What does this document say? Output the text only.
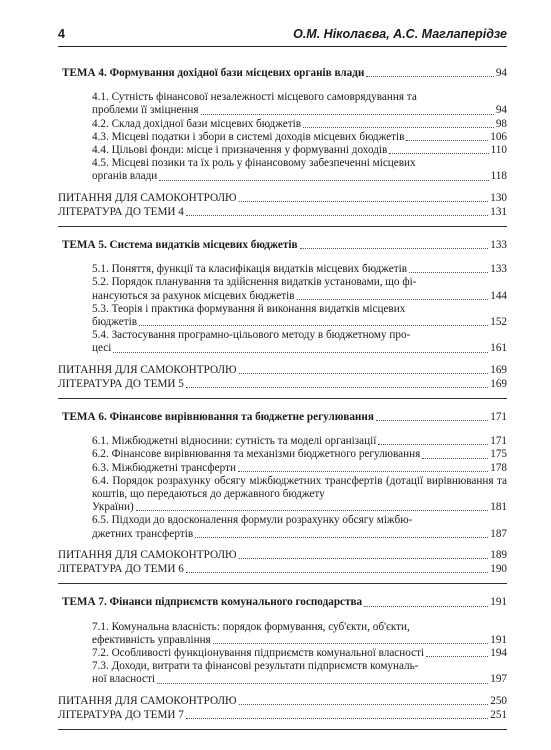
4	О.М. Ніколаєва, А.С. Маглаперідзе
ТЕМА 4. Формування дохідної бази місцевих органів влади	94
4.1. Сутність фінансової незалежності місцевого самоврядування та
проблеми її зміцнення	94
4.2. Склад дохідної бази місцевих бюджетів	98
4.3. Місцеві податки і збори в системі доходів місцевих бюджетів	106
4.4. Цільові фонди: місце і призначення у формуванні доходів	110
4.5. Місцеві позики та їх роль у фінансовому забезпеченні місцевих
органів влади	118
ПИТАННЯ ДЛЯ САМОКОНТРОЛЮ	130
ЛІТЕРАТУРА ДО ТЕМИ 4	131
ТЕМА 5. Система видатків місцевих бюджетів	133
5.1. Поняття, функції та класифікація видатків місцевих бюджетів	133
5.2. Порядок планування та здійснення видатків установами, що фі-
нансуються за рахунок місцевих бюджетів	144
5.3. Теорія і практика формування й виконання видатків місцевих
бюджетів	152
5.4. Застосування програмно-цільового методу в бюджетному про-
цесі	161
ПИТАННЯ ДЛЯ САМОКОНТРОЛЮ	169
ЛІТЕРАТУРА ДО ТЕМИ 5	169
ТЕМА 6. Фінансове вирівнювання та бюджетне регулювання	171
6.1. Міжбюджетні відносини: сутність та моделі організації	171
6.2. Фінансове вирівнювання та механізми бюджетного регулювання	175
6.3. Міжбюджетні трансферти	178
6.4. Порядок розрахунку обсягу міжбюджетних трансфертів (дотації вирівнювання та коштів, що передаються до державного бюджету
України)	181
6.5. Підходи до вдосконалення формули розрахунку обсягу міжбю-
джетних трансфертів	187
ПИТАННЯ ДЛЯ САМОКОНТРОЛЮ	189
ЛІТЕРАТУРА ДО ТЕМИ 6	190
ТЕМА 7. Фінанси підприємств комунального господарства	191
7.1. Комунальна власність: порядок формування, суб'єкти, об'єкти,
ефективність управління	191
7.2. Особливості функціонування підприємств комунальної власності	194
7.3. Доходи, витрати та фінансові результати підприємств комуналь-
ної власності	197
ПИТАННЯ ДЛЯ САМОКОНТРОЛЮ	250
ЛІТЕРАТУРА ДО ТЕМИ 7	251
